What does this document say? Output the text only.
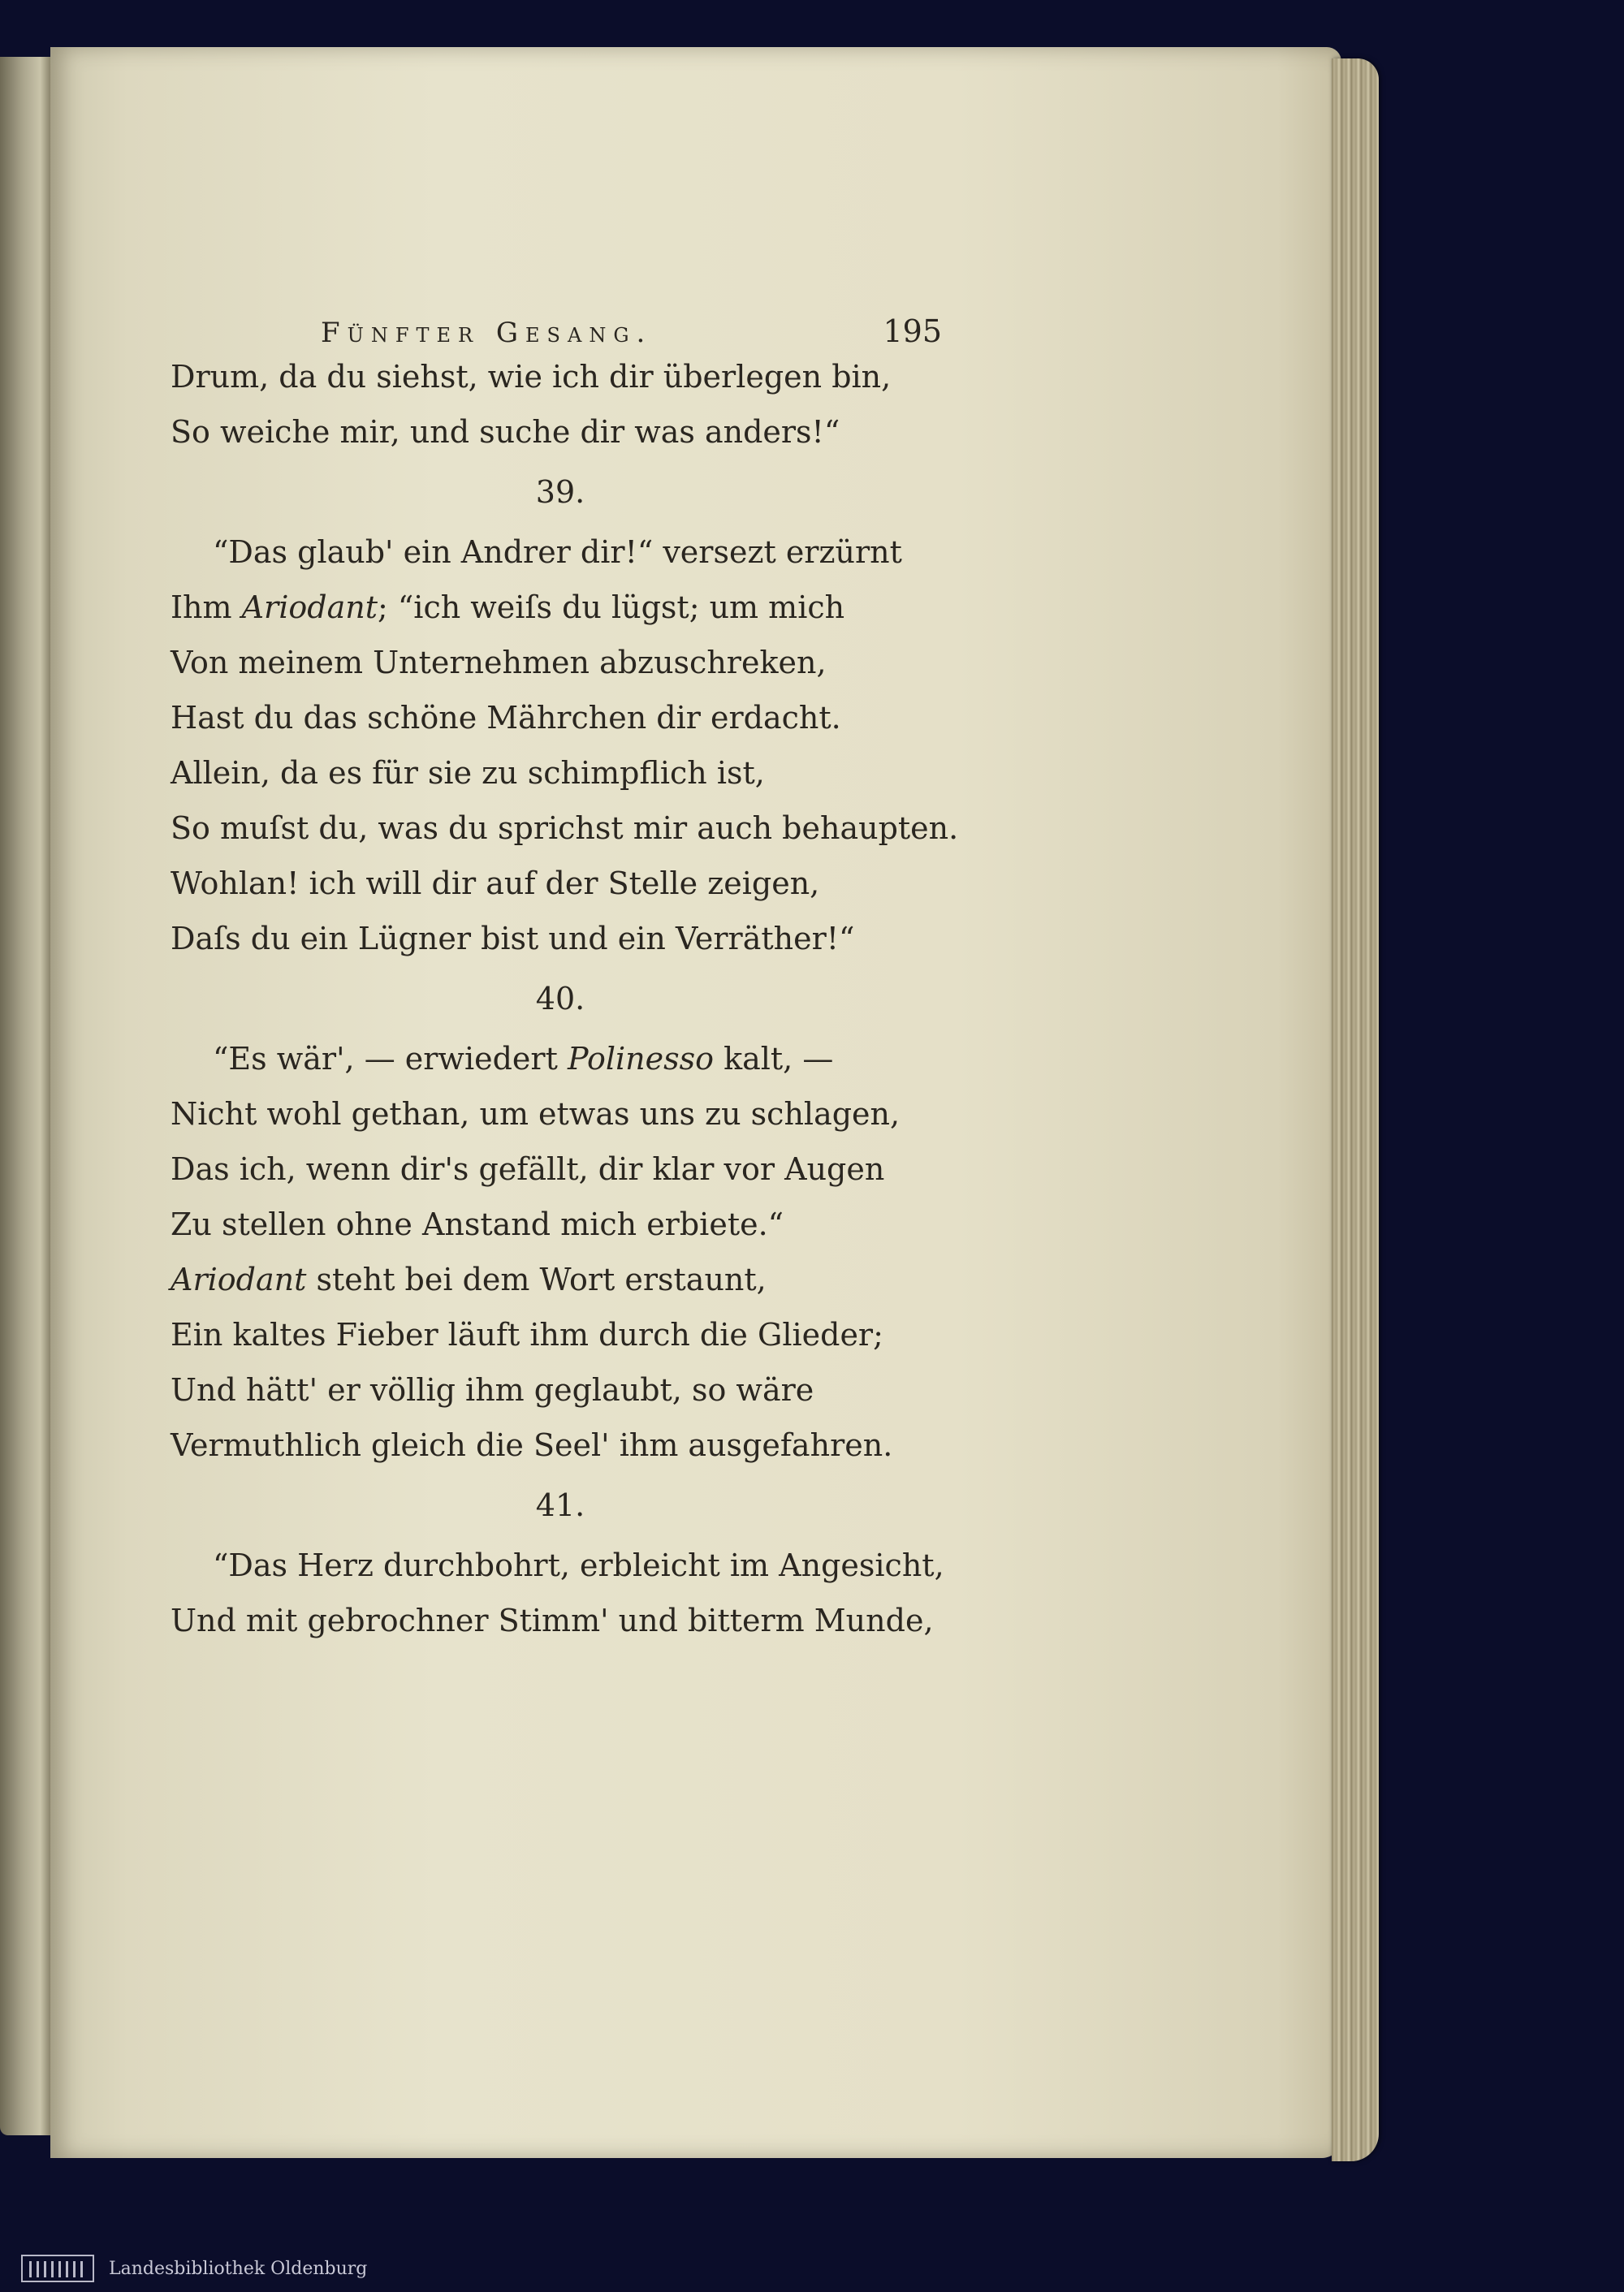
Fünfter Gesang.	195
Drum, da du siehst, wie ich dir überlegen bin,
So weiche mir, und suche dir was anders!“
39.
“Das glaub' ein Andrer dir!“ versezt erzürnt
Ihm Ariodant; “ich weiſs du lügst; um mich
Von meinem Unternehmen abzuschreken,
Hast du das schöne Mährchen dir erdacht.
Allein, da es für sie zu schimpflich ist,
So muſst du, was du sprichst mir auch behaupten.
Wohlan! ich will dir auf der Stelle zeigen,
Daſs du ein Lügner bist und ein Verräther!“
40.
“Es wär', — erwiedert Polinesso kalt, —
Nicht wohl gethan, um etwas uns zu schlagen,
Das ich, wenn dir's gefällt, dir klar vor Augen
Zu stellen ohne Anstand mich erbiete.“
Ariodant steht bei dem Wort erstaunt,
Ein kaltes Fieber läuft ihm durch die Glieder;
Und hätt' er völlig ihm geglaubt, so wäre
Vermuthlich gleich die Seel' ihm ausgefahren.
41.
“Das Herz durchbohrt, erbleicht im Angesicht,
Und mit gebrochner Stimm' und bitterm Munde,
Landesbibliothek Oldenburg
